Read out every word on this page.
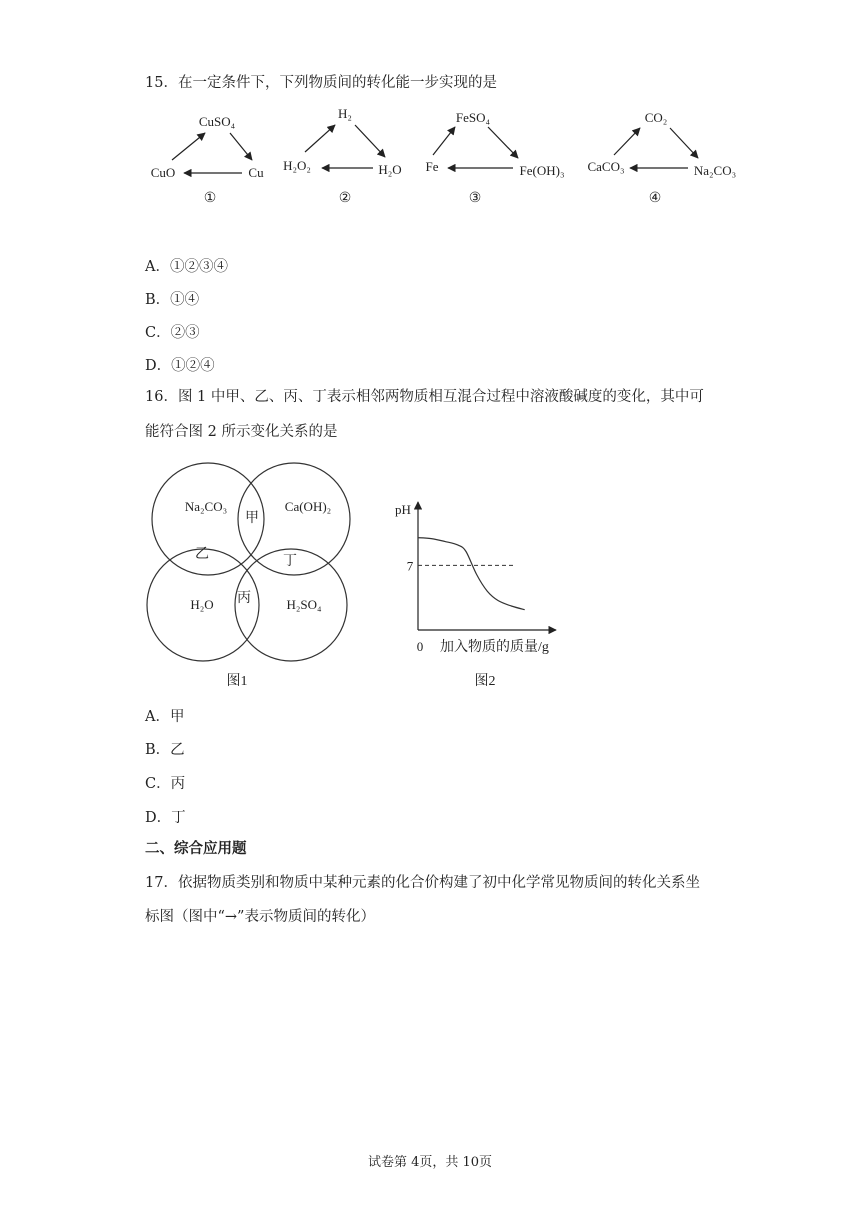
15．在一定条件下，下列物质间的转化能一步实现的是
CuSO₄
CuO	Cu
①
H₂
H₂O₂	H₂O
②
FeSO₄
Fe	Fe(OH)₃
③
CO₂
CaCO₃	Na₂CO₃
④
A．①②③④
B．①④
C．②③
D．①②④
16．图 1 中甲、乙、丙、丁表示相邻两物质相互混合过程中溶液酸碱度的变化，其中可
能符合图 2 所示变化关系的是
Na₂CO₃	Ca(OH)₂
H₂O	H₂SO₄
甲
乙
丙
丁
图1
pH
7
0 加入物质的质量/g
图2
A．甲
B．乙
C．丙
D．丁
二、综合应用题
17．依据物质类别和物质中某种元素的化合价构建了初中化学常见物质间的转化关系坐
标图（图中“→”表示物质间的转化）
试卷第 4页，共 10页
